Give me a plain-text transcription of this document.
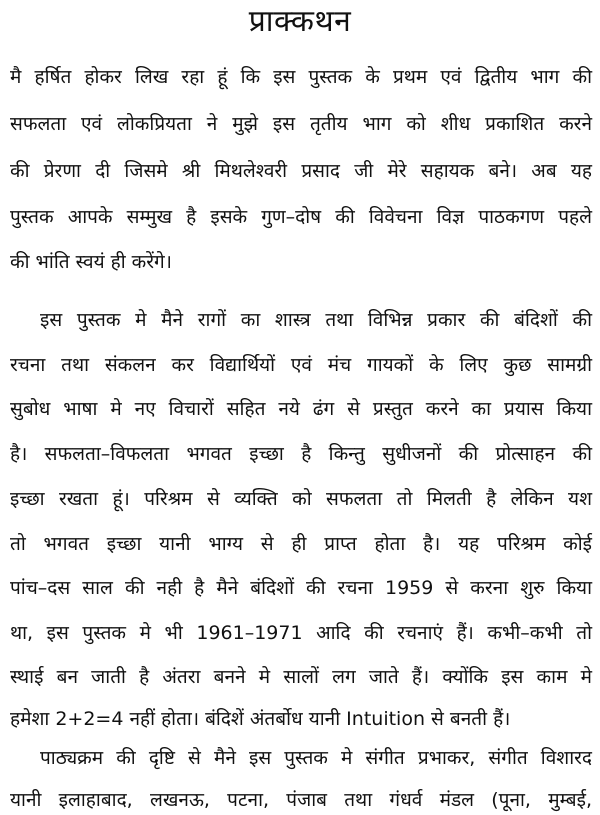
प्राक्कथन

मै हर्षित होकर लिख रहा हूं कि इस पुस्तक के प्रथम एवं द्वितीय भाग की

सफलता एवं लोकप्रियता ने मुझे इस तृतीय भाग को शीध प्रकाशित करने

की प्रेरणा दी जिसमे श्री मिथलेश्वरी प्रसाद जी मेरे सहायक बने। अब यह

पुस्तक आपके सम्मुख है इसके गुण–दोष की विवेचना विज्ञ पाठकगण पहले

की भांति स्वयं ही करेंगे।

इस पुस्तक मे मैने रागों का शास्त्र तथा विभिन्न प्रकार की बंदिशों की

रचना तथा संकलन कर विद्यार्थियों एवं मंच गायकों के लिए कुछ सामग्री

सुबोध भाषा मे नए विचारों सहित नये ढंग से प्रस्तुत करने का प्रयास किया

है। सफलता–विफलता भगवत इच्छा है किन्तु सुधीजनों की प्रोत्साहन की

इच्छा रखता हूं। परिश्रम से व्यक्ति को सफलता तो मिलती है लेकिन यश

तो भगवत इच्छा यानी भाग्य से ही प्राप्त होता है। यह परिश्रम कोई

पांच–दस साल की नही है मैने बंदिशों की रचना 1959 से करना शुरु किया

था, इस पुस्तक मे भी 1961–1971 आदि की रचनाएं हैं। कभी–कभी तो

स्थाई बन जाती है अंतरा बनने मे सालों लग जाते हैं। क्योंकि इस काम मे

हमेशा 2+2=4 नहीं होता। बंदिशें अंतर्बोध यानी Intuition से बनती हैं।

पाठ्यक्रम की दृष्टि से मैने इस पुस्तक मे संगीत प्रभाकर, संगीत विशारद

यानी इलाहाबाद, लखनऊ, पटना, पंजाब तथा गंधर्व मंडल (पूना, मुम्बई,
